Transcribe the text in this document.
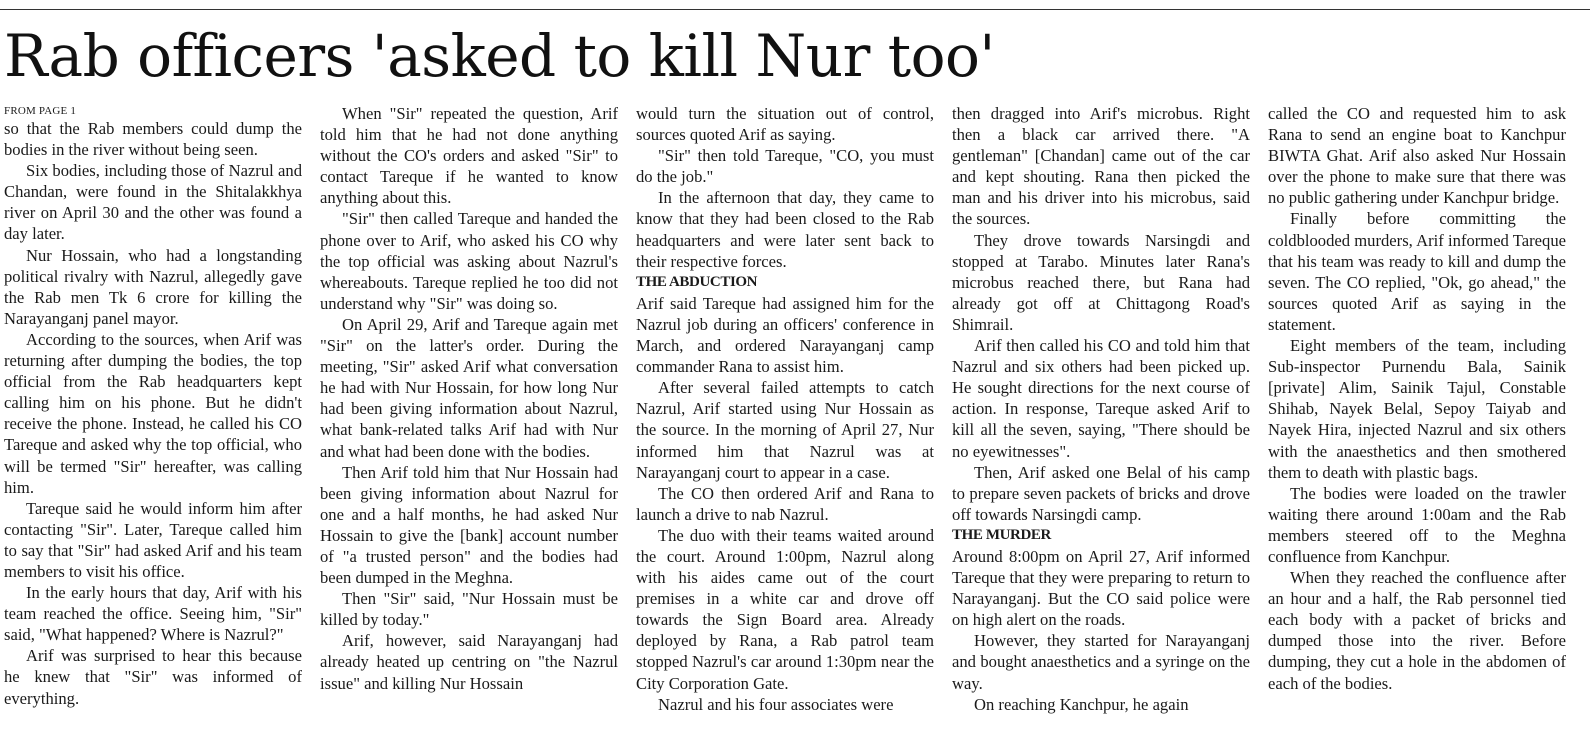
Rab officers 'asked to kill Nur too'

FROM PAGE 1

so that the Rab members could dump the bodies in the river without being seen.

Six bodies, including those of Nazrul and Chandan, were found in the Shitalakkhya river on April 30 and the other was found a day later.

Nur Hossain, who had a longstanding political rivalry with Nazrul, allegedly gave the Rab men Tk 6 crore for killing the Narayanganj panel mayor.

According to the sources, when Arif was returning after dumping the bodies, the top official from the Rab headquarters kept calling him on his phone. But he didn't receive the phone. Instead, he called his CO Tareque and asked why the top official, who will be termed "Sir" hereafter, was calling him.

Tareque said he would inform him after contacting "Sir". Later, Tareque called him to say that "Sir" had asked Arif and his team members to visit his office.

In the early hours that day, Arif with his team reached the office. Seeing him, "Sir" said, "What happened? Where is Nazrul?"

Arif was surprised to hear this because he knew that "Sir" was informed of everything.

When "Sir" repeated the question, Arif told him that he had not done anything without the CO's orders and asked "Sir" to contact Tareque if he wanted to know anything about this.

"Sir" then called Tareque and handed the phone over to Arif, who asked his CO why the top official was asking about Nazrul's whereabouts. Tareque replied he too did not understand why "Sir" was doing so.

On April 29, Arif and Tareque again met "Sir" on the latter's order. During the meeting, "Sir" asked Arif what conversation he had with Nur Hossain, for how long Nur had been giving information about Nazrul, what bank-related talks Arif had with Nur and what had been done with the bodies.

Then Arif told him that Nur Hossain had been giving information about Nazrul for one and a half months, he had asked Nur Hossain to give the [bank] account number of "a trusted person" and the bodies had been dumped in the Meghna.

Then "Sir" said, "Nur Hossain must be killed by today."

Arif, however, said Narayanganj had already heated up centring on "the Nazrul issue" and killing Nur Hossain

would turn the situation out of control, sources quoted Arif as saying.

"Sir" then told Tareque, "CO, you must do the job."

In the afternoon that day, they came to know that they had been closed to the Rab headquarters and were later sent back to their respective forces.

THE ABDUCTION

Arif said Tareque had assigned him for the Nazrul job during an officers' conference in March, and ordered Narayanganj camp commander Rana to assist him.

After several failed attempts to catch Nazrul, Arif started using Nur Hossain as the source. In the morning of April 27, Nur informed him that Nazrul was at Narayanganj court to appear in a case.

The CO then ordered Arif and Rana to launch a drive to nab Nazrul.

The duo with their teams waited around the court. Around 1:00pm, Nazrul along with his aides came out of the court premises in a white car and drove off towards the Sign Board area. Already deployed by Rana, a Rab patrol team stopped Nazrul's car around 1:30pm near the City Corporation Gate.

Nazrul and his four associates were

then dragged into Arif's microbus. Right then a black car arrived there. "A gentleman" [Chandan] came out of the car and kept shouting. Rana then picked the man and his driver into his microbus, said the sources.

They drove towards Narsingdi and stopped at Tarabo. Minutes later Rana's microbus reached there, but Rana had already got off at Chittagong Road's Shimrail.

Arif then called his CO and told him that Nazrul and six others had been picked up. He sought directions for the next course of action. In response, Tareque asked Arif to kill all the seven, saying, "There should be no eyewitnesses".

Then, Arif asked one Belal of his camp to prepare seven packets of bricks and drove off towards Narsingdi camp.

THE MURDER

Around 8:00pm on April 27, Arif informed Tareque that they were preparing to return to Narayanganj. But the CO said police were on high alert on the roads.

However, they started for Narayanganj and bought anaesthetics and a syringe on the way.

On reaching Kanchpur, he again

called the CO and requested him to ask Rana to send an engine boat to Kanchpur BIWTA Ghat. Arif also asked Nur Hossain over the phone to make sure that there was no public gathering under Kanchpur bridge.

Finally before committing the coldblooded murders, Arif informed Tareque that his team was ready to kill and dump the seven. The CO replied, "Ok, go ahead," the sources quoted Arif as saying in the statement.

Eight members of the team, including Sub-inspector Purnendu Bala, Sainik [private] Alim, Sainik Tajul, Constable Shihab, Nayek Belal, Sepoy Taiyab and Nayek Hira, injected Nazrul and six others with the anaesthetics and then smothered them to death with plastic bags.

The bodies were loaded on the trawler waiting there around 1:00am and the Rab members steered off to the Meghna confluence from Kanchpur.

When they reached the confluence after an hour and a half, the Rab personnel tied each body with a packet of bricks and dumped those into the river. Before dumping, they cut a hole in the abdomen of each of the bodies.
